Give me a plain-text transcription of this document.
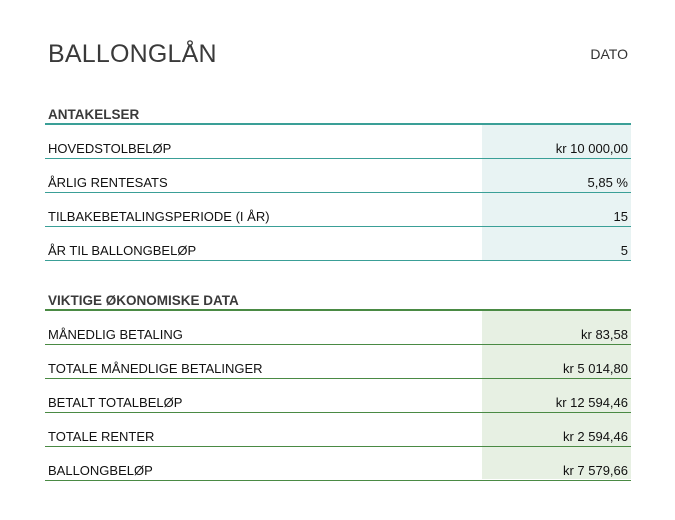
BALLONGLÅN	DATO
ANTAKELSER
HOVEDSTOLBELØP	kr 10 000,00
ÅRLIG RENTESATS	5,85 %
TILBAKEBETALINGSPERIODE (I ÅR)	15
ÅR TIL BALLONGBELØP	5
VIKTIGE ØKONOMISKE DATA
MÅNEDLIG BETALING	kr 83,58
TOTALE MÅNEDLIGE BETALINGER	kr 5 014,80
BETALT TOTALBELØP	kr 12 594,46
TOTALE RENTER	kr 2 594,46
BALLONGBELØP	kr 7 579,66
